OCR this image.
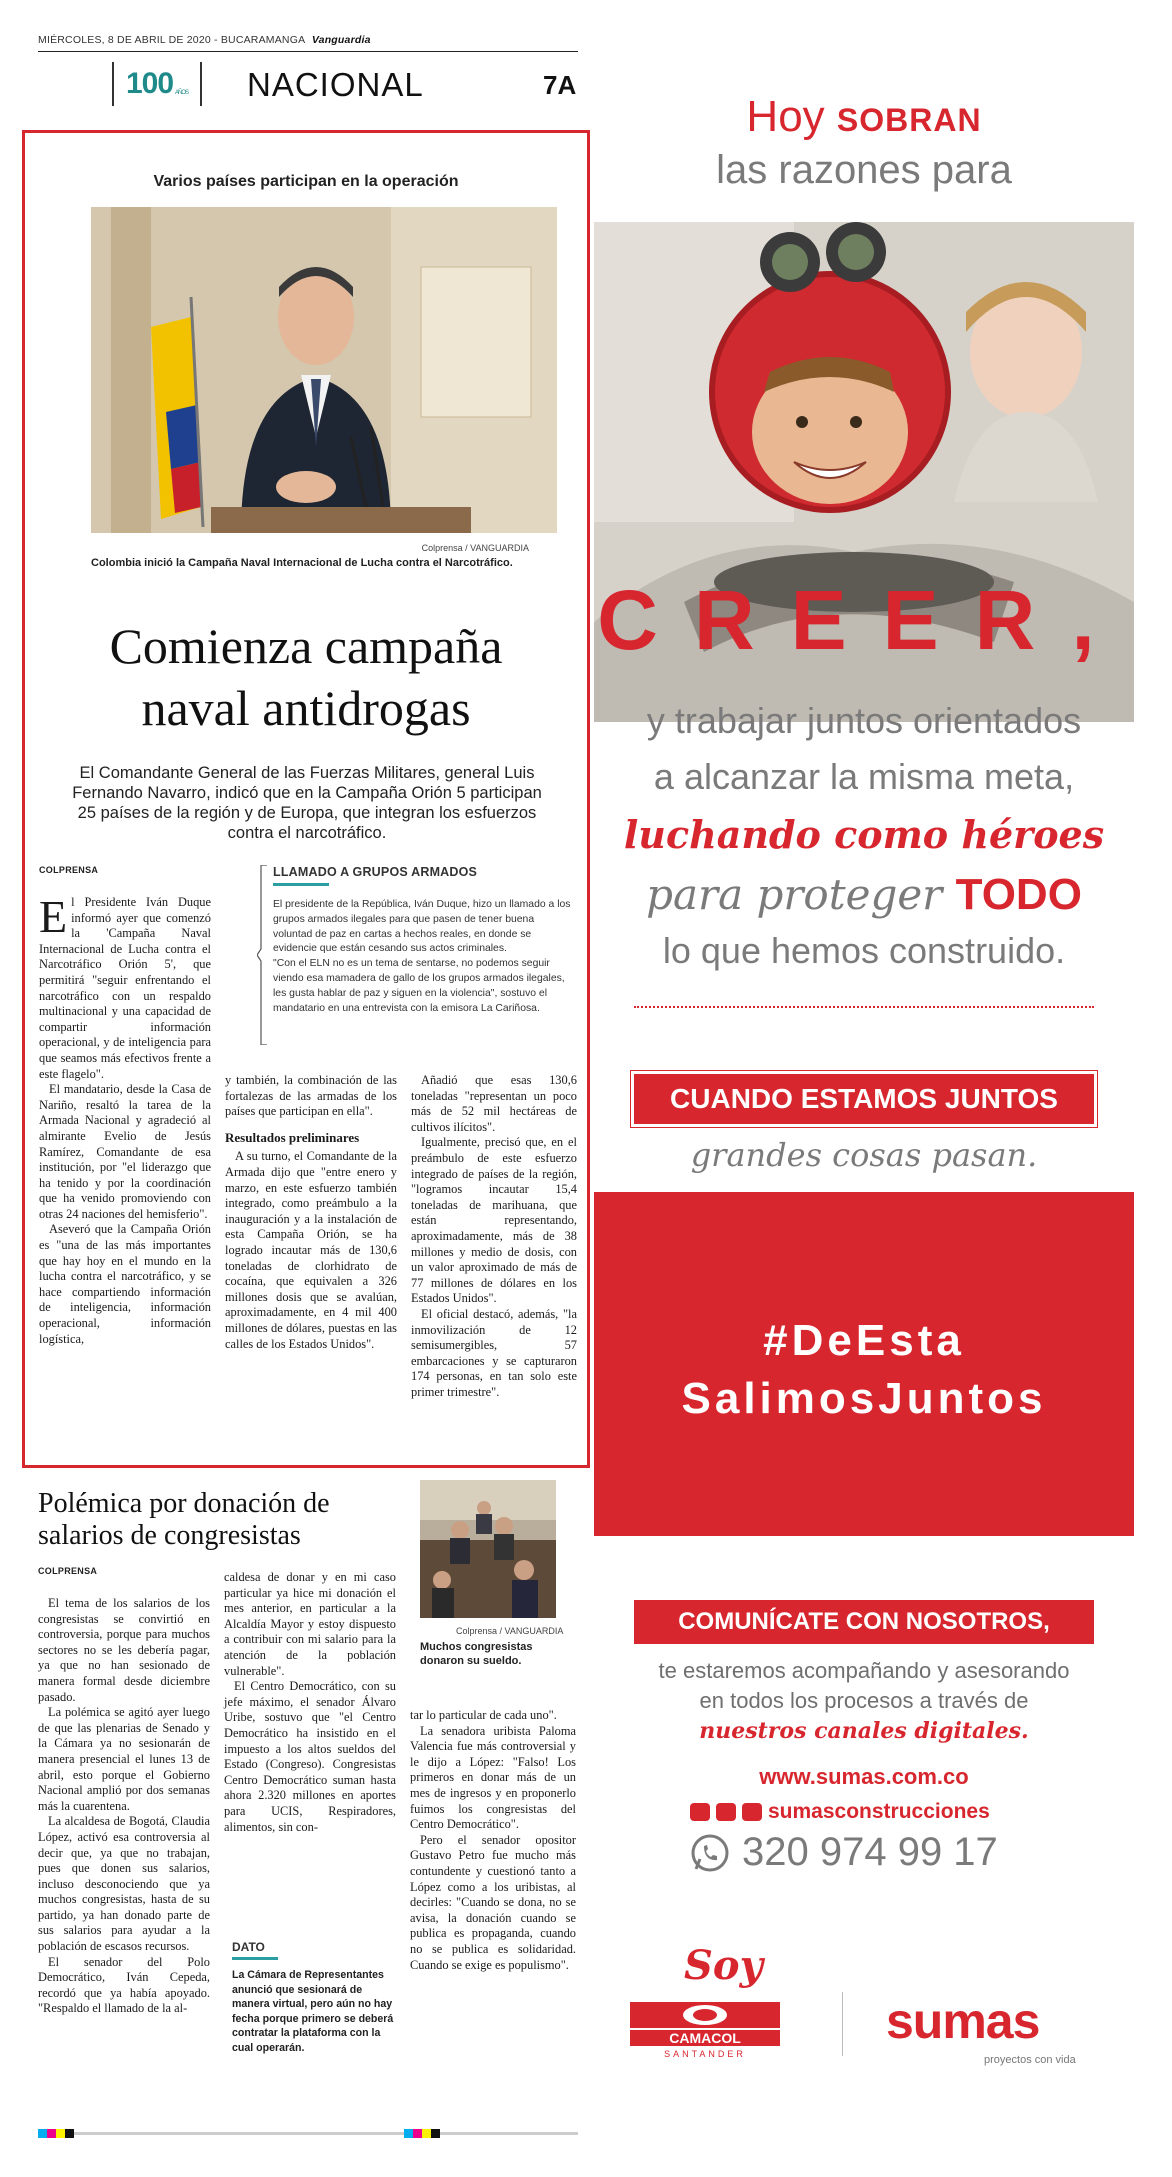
MIÉRCOLES, 8 DE ABRIL DE 2020 - BUCARAMANGA Vanguardia
100 AÑOS NACIONAL	7A
Varios países participan en la operación
Colprensa / VANGUARDIA
Colombia inició la Campaña Naval Internacional de Lucha contra el Narcotráfico.
Comienza campaña
naval antidrogas
El Comandante General de las Fuerzas Militares, general Luis Fernando Navarro, indicó que en la Campaña Orión 5 participan 25 países de la región y de Europa, que integran los esfuerzos contra el narcotráfico.
COLPRENSA

El Presidente Iván Duque informó ayer que comenzó la 'Campaña Naval Internacional de Lucha contra el Narcotráfico Orión 5', que permitirá "seguir enfrentando el narcotráfico con un respaldo multinacional y una capacidad de compartir información operacional, y de inteligencia para que seamos más efectivos frente a este flagelo".

El mandatario, desde la Casa de Nariño, resaltó la tarea de la Armada Nacional y agradeció al almirante Evelio de Jesús Ramírez, Comandante de esa institución, por "el liderazgo que ha tenido y por la coordinación que ha venido promoviendo con otras 24 naciones del hemisferio".

Aseveró que la Campaña Orión es "una de las más importantes que hay hoy en el mundo en la lucha contra el narcotráfico, y se hace compartiendo información de inteligencia, información operacional, información logística,

LLAMADO A GRUPOS ARMADOS

El presidente de la República, Iván Duque, hizo un llamado a los grupos armados ilegales para que pasen de tener buena voluntad de paz en cartas a hechos reales, en donde se evidencie que están cesando sus actos criminales.

"Con el ELN no es un tema de sentarse, no podemos seguir viendo esa mamadera de gallo de los grupos armados ilegales, les gusta hablar de paz y siguen en la violencia", sostuvo el mandatario en una entrevista con la emisora La Cariñosa.

y también, la combinación de las fortalezas de las armadas de los países que participan en ella".

Resultados preliminares

A su turno, el Comandante de la Armada dijo que "entre enero y marzo, en este esfuerzo también integrado, como preámbulo a la inauguración y a la instalación de esta Campaña Orión, se ha logrado incautar más de 130,6 toneladas de clorhidrato de cocaína, que equivalen a 326 millones dosis que se avalúan, aproximadamente, en 4 mil 400 millones de dólares, puestas en las calles de los Estados Unidos".

Añadió que esas 130,6 toneladas "representan un poco más de 52 mil hectáreas de cultivos ilícitos".

Igualmente, precisó que, en el preámbulo de este esfuerzo integrado de países de la región, "logramos incautar 15,4 toneladas de marihuana, que están representando, aproximadamente, más de 38 millones y medio de dosis, con un valor aproximado de más de 77 millones de dólares en los Estados Unidos".

El oficial destacó, además, "la inmovilización de 12 semisumergibles, 57 embarcaciones y se capturaron 174 personas, en tan solo este primer trimestre".

Polémica por donación de salarios de congresistas
COLPRENSA

El tema de los salarios de los congresistas se convirtió en controversia, porque para muchos sectores no se les debería pagar, ya que no han sesionado de manera formal desde diciembre pasado.

La polémica se agitó ayer luego de que las plenarias de Senado y la Cámara ya no sesionarán de manera presencial el lunes 13 de abril, esto porque el Gobierno Nacional amplió por dos semanas más la cuarentena.

La alcaldesa de Bogotá, Claudia López, activó esa controversia al decir que, ya que no trabajan, pues que donen sus salarios, incluso desconociendo que ya muchos congresistas, hasta de su partido, ya han donado parte de sus salarios para ayudar a la población de escasos recursos.

El senador del Polo Democrático, Iván Cepeda, recordó que ya había apoyado. "Respaldo el llamado de la al-

caldesa de donar y en mi caso particular ya hice mi donación el mes anterior, en particular a la Alcaldía Mayor y estoy dispuesto a contribuir con mi salario para la atención de la población vulnerable".

El Centro Democrático, con su jefe máximo, el senador Álvaro Uribe, sostuvo que "el Centro Democrático ha insistido en el impuesto a los altos sueldos del Estado (Congreso). Congresistas Centro Democrático suman hasta ahora 2.320 millones en aportes para UCIS, Respiradores, alimentos, sin con-

Colprensa / VANGUARDIA
Muchos congresistas donaron su sueldo.

tar lo particular de cada uno".

La senadora uribista Paloma Valencia fue más controversial y le dijo a López: "Falso! Los primeros en donar más de un mes de ingresos y en proponerlo fuimos los congresistas del Centro Democrático".

Pero el senador opositor Gustavo Petro fue mucho más contundente y cuestionó tanto a López como a los uribistas, al decirles: "Cuando se dona, no se avisa, la donación cuando se publica es propaganda, cuando no se publica es solidaridad. Cuando se exige es populismo".

DATO
La Cámara de Representantes anunció que sesionará de manera virtual, pero aún no hay fecha porque primero se deberá contratar la plataforma con la cual operarán.
Hoy SOBRAN
las razones para
CREER,
y trabajar juntos orientados
a alcanzar la misma meta,
luchando como héroes
para proteger TODO
lo que hemos construido.
CUANDO ESTAMOS JUNTOS
grandes cosas pasan.
#DeEsta
SalimosJuntos
COMUNÍCATE CON NOSOTROS,
te estaremos acompañando y asesorando
en todos los procesos a través de
nuestros canales digitales.
www.sumas.com.co
sumasconstrucciones
320 974 99 17
Soy
CAMACOL
SANTANDER
sumas
proyectos con vida
